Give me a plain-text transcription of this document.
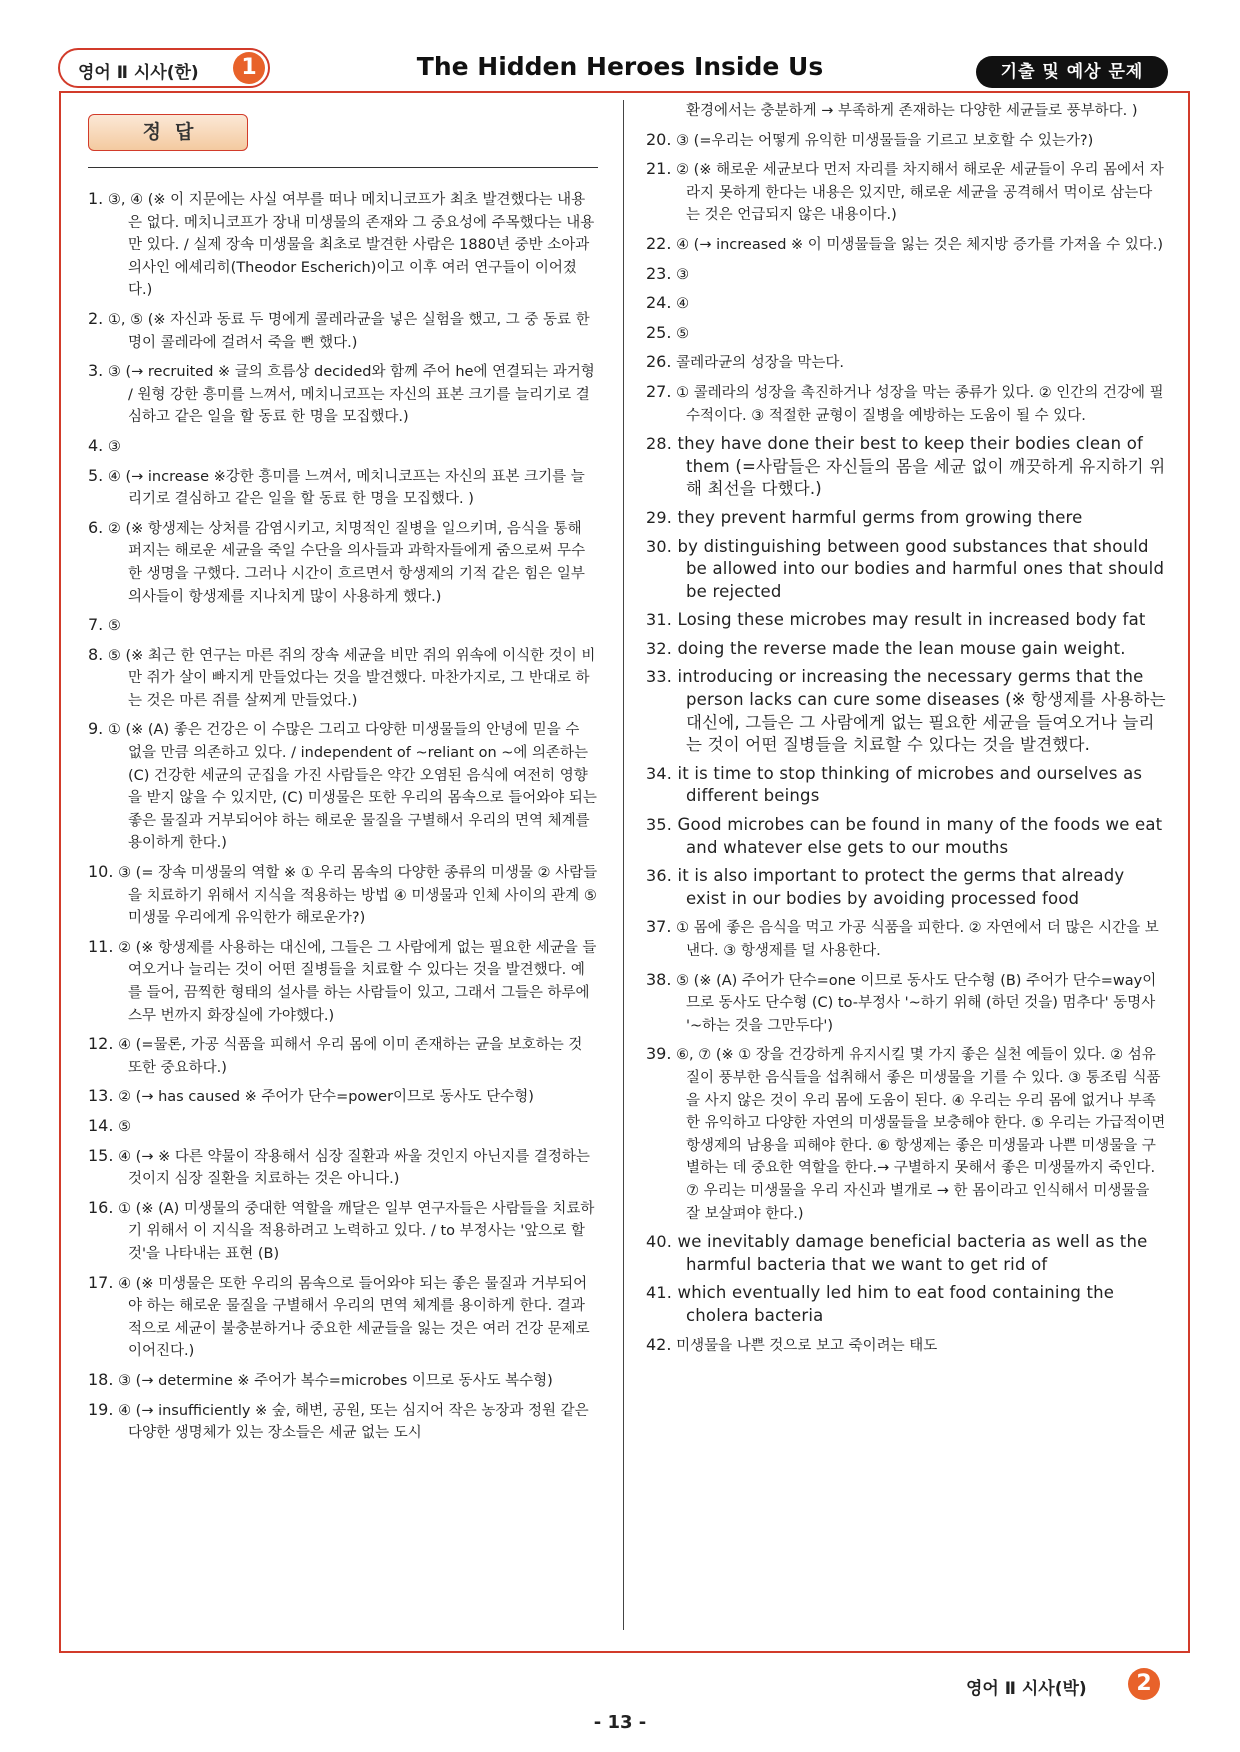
영어 Ⅱ 시사(한)	1	The Hidden Heroes Inside Us	기출 및 예상 문제
정답
1. ③, ④ (※ 이 지문에는 사실 여부를 떠나 메치니코프가 최초 발견했다는 내용은 없다. 메치니코프가 장내 미생물의 존재와 그 중요성에 주목했다는 내용만 있다. / 실제 장속 미생물을 최초로 발견한 사람은 1880년 중반 소아과 의사인 에셰리히(Theodor Escherich)이고 이후 여러 연구들이 이어졌다.)
2. ①, ⑤ (※ 자신과 동료 두 명에게 콜레라균을 넣은 실험을 했고, 그 중 동료 한명이 콜레라에 걸려서 죽을 뻔 했다.)
3. ③ (→ recruited ※ 글의 흐름상 decided와 함께 주어 he에 연결되는 과거형 / 원형 강한 흥미를 느껴서, 메치니코프는 자신의 표본 크기를 늘리기로 결심하고 같은 일을 할 동료 한 명을 모집했다.)
4. ③
5. ④ (→ increase ※강한 흥미를 느껴서, 메치니코프는 자신의 표본 크기를 늘리기로 결심하고 같은 일을 할 동료 한 명을 모집했다. )
6. ② (※ 항생제는 상처를 감염시키고, 치명적인 질병을 일으키며, 음식을 통해 퍼지는 해로운 세균을 죽일 수단을 의사들과 과학자들에게 줌으로써 무수한 생명을 구했다. 그러나 시간이 흐르면서 항생제의 기적 같은 힘은 일부 의사들이 항생제를 지나치게 많이 사용하게 했다.)
7. ⑤
8. ⑤ (※ 최근 한 연구는 마른 쥐의 장속 세균을 비만 쥐의 위속에 이식한 것이 비만 쥐가 살이 빠지게 만들었다는 것을 발견했다. 마찬가지로, 그 반대로 하는 것은 마른 쥐를 살찌게 만들었다.)
9. ① (※ (A) 좋은 건강은 이 수많은 그리고 다양한 미생물들의 안녕에 믿을 수 없을 만큼 의존하고 있다. / independent of ~reliant on ~에 의존하는 (C) 건강한 세균의 군집을 가진 사람들은 약간 오염된 음식에 여전히 영향을 받지 않을 수 있지만, (C) 미생물은 또한 우리의 몸속으로 들어와야 되는 좋은 물질과 거부되어야 하는 해로운 물질을 구별해서 우리의 면역 체계를 용이하게 한다.)
10. ③ (= 장속 미생물의 역할 ※ ① 우리 몸속의 다양한 종류의 미생물 ② 사람들을 치료하기 위해서 지식을 적용하는 방법 ④ 미생물과 인체 사이의 관계 ⑤ 미생물 우리에게 유익한가 해로운가?)
11. ② (※ 항생제를 사용하는 대신에, 그들은 그 사람에게 없는 필요한 세균을 들여오거나 늘리는 것이 어떤 질병들을 치료할 수 있다는 것을 발견했다. 예를 들어, 끔찍한 형태의 설사를 하는 사람들이 있고, 그래서 그들은 하루에 스무 번까지 화장실에 가야했다.)
12. ④ (=물론, 가공 식품을 피해서 우리 몸에 이미 존재하는 균을 보호하는 것 또한 중요하다.)
13. ② (→ has caused ※ 주어가 단수=power이므로 동사도 단수형)
14. ⑤
15. ④ (→ ※ 다른 약물이 작용해서 심장 질환과 싸울 것인지 아닌지를 결정하는 것이지 심장 질환을 치료하는 것은 아니다.)
16. ① (※ (A) 미생물의 중대한 역할을 깨달은 일부 연구자들은 사람들을 치료하기 위해서 이 지식을 적용하려고 노력하고 있다. / to 부정사는 '앞으로 할 것'을 나타내는 표현 (B)
17. ④ (※ 미생물은 또한 우리의 몸속으로 들어와야 되는 좋은 물질과 거부되어야 하는 해로운 물질을 구별해서 우리의 면역 체계를 용이하게 한다. 결과적으로 세균이 불충분하거나 중요한 세균들을 잃는 것은 여러 건강 문제로 이어진다.)
18. ③ (→ determine ※ 주어가 복수=microbes 이므로 동사도 복수형)
19. ④ (→ insufficiently ※ 숲, 해변, 공원, 또는 심지어 작은 농장과 정원 같은 다양한 생명체가 있는 장소들은 세균 없는 도시
환경에서는 충분하게 → 부족하게 존재하는 다양한 세균들로 풍부하다. )
20. ③ (=우리는 어떻게 유익한 미생물들을 기르고 보호할 수 있는가?)
21. ② (※ 해로운 세균보다 먼저 자리를 차지해서 해로운 세균들이 우리 몸에서 자라지 못하게 한다는 내용은 있지만, 해로운 세균을 공격해서 먹이로 삼는다는 것은 언급되지 않은 내용이다.)
22. ④ (→ increased ※ 이 미생물들을 잃는 것은 체지방 증가를 가져올 수 있다.)
23. ③
24. ④
25. ⑤
26. 콜레라균의 성장을 막는다.
27. ① 콜레라의 성장을 촉진하거나 성장을 막는 종류가 있다. ② 인간의 건강에 필수적이다. ③ 적절한 균형이 질병을 예방하는 도움이 될 수 있다.
28. they have done their best to keep their bodies clean of them (=사람들은 자신들의 몸을 세균 없이 깨끗하게 유지하기 위해 최선을 다했다.)
29. they prevent harmful germs from growing there
30. by distinguishing between good substances that should be allowed into our bodies and harmful ones that should be rejected
31. Losing these microbes may result in increased body fat
32. doing the reverse made the lean mouse gain weight.
33. introducing or increasing the necessary germs that the person lacks can cure some diseases (※ 항생제를 사용하는 대신에, 그들은 그 사람에게 없는 필요한 세균을 들여오거나 늘리는 것이 어떤 질병들을 치료할 수 있다는 것을 발견했다.
34. it is time to stop thinking of microbes and ourselves as different beings
35. Good microbes can be found in many of the foods we eat and whatever else gets to our mouths
36. it is also important to protect the germs that already exist in our bodies by avoiding processed food
37. ① 몸에 좋은 음식을 먹고 가공 식품을 피한다. ② 자연에서 더 많은 시간을 보낸다. ③ 항생제를 덜 사용한다.
38. ⑤ (※ (A) 주어가 단수=one 이므로 동사도 단수형 (B) 주어가 단수=way이므로 동사도 단수형 (C) to-부정사 '~하기 위해 (하던 것을) 멈추다' 동명사 '~하는 것을 그만두다')
39. ⑥, ⑦ (※ ① 장을 건강하게 유지시킬 몇 가지 좋은 실천 예들이 있다. ② 섬유질이 풍부한 음식들을 섭취해서 좋은 미생물을 기를 수 있다. ③ 통조림 식품을 사지 않은 것이 우리 몸에 도움이 된다. ④ 우리는 우리 몸에 없거나 부족한 유익하고 다양한 자연의 미생물들을 보충해야 한다. ⑤ 우리는 가급적이면 항생제의 남용을 피해야 한다. ⑥ 항생제는 좋은 미생물과 나쁜 미생물을 구별하는 데 중요한 역할을 한다.→ 구별하지 못해서 좋은 미생물까지 죽인다. ⑦ 우리는 미생물을 우리 자신과 별개로 → 한 몸이라고 인식해서 미생물을 잘 보살펴야 한다.)
40. we inevitably damage beneficial bacteria as well as the harmful bacteria that we want to get rid of
41. which eventually led him to eat food containing the cholera bacteria
42. 미생물을 나쁜 것으로 보고 죽이려는 태도
영어 Ⅱ 시사(박)	2
- 13 -
